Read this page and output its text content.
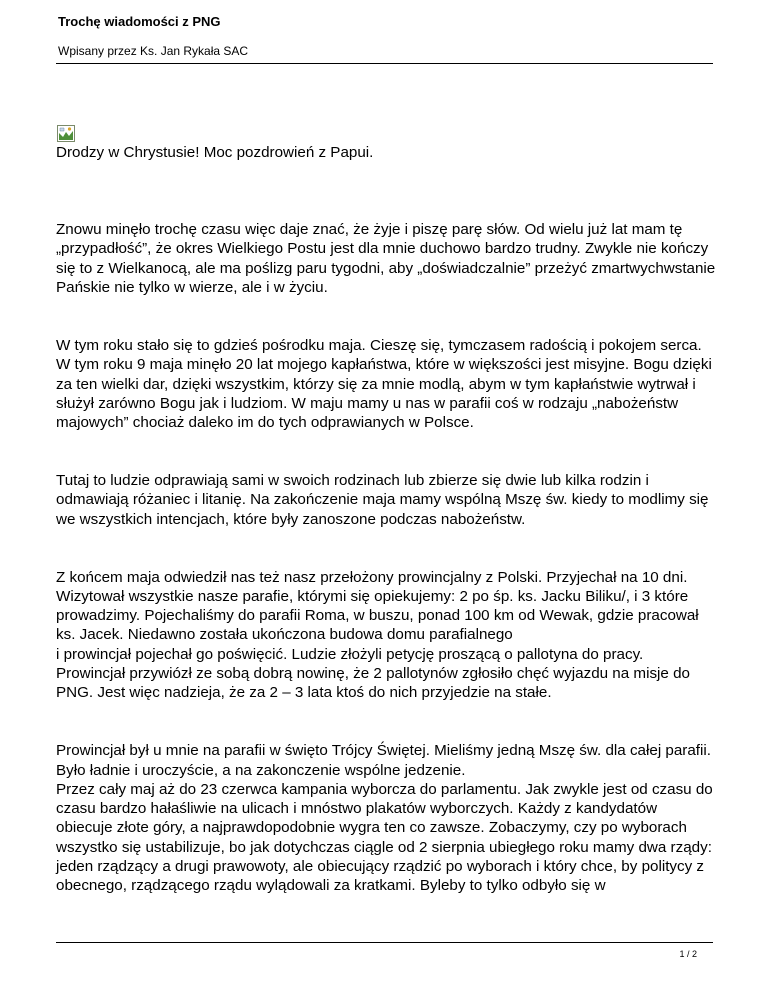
Trochę wiadomości z PNG
Wpisany przez Ks. Jan Rykała SAC

Drodzy w Chrystusie! Moc pozdrowień z Papui.

Znowu minęło trochę czasu więc daje znać, że żyje i piszę parę słów. Od wielu już lat mam tę „przypadłość”, że okres Wielkiego Postu jest dla mnie duchowo bardzo trudny. Zwykle nie kończy się to z Wielkanocą, ale ma poślizg paru tygodni, aby „doświadczalnie” przeżyć zmartwychwstanie Pańskie nie tylko w wierze, ale i w życiu.

W tym roku stało się to gdzieś pośrodku maja. Cieszę się, tymczasem radością i pokojem serca. W tym roku 9 maja minęło 20 lat mojego kapłaństwa, które w większości jest misyjne. Bogu dzięki za ten wielki dar, dzięki wszystkim, którzy się za mnie modlą, abym w tym kapłaństwie wytrwał i służył zarówno Bogu jak i ludziom. W maju mamy u nas w parafii coś w rodzaju „nabożeństw majowych” chociaż daleko im do tych odprawianych w Polsce.

Tutaj to ludzie odprawiają sami w swoich rodzinach lub zbierze się dwie lub kilka rodzin i odmawiają różaniec i litanię. Na zakończenie maja mamy wspólną Mszę św. kiedy to modlimy się we wszystkich intencjach, które były zanoszone podczas nabożeństw.

Z końcem maja odwiedził nas też nasz przełożony prowincjalny z Polski. Przyjechał na 10 dni. Wizytował wszystkie nasze parafie, którymi się opiekujemy: 2 po śp. ks. Jacku Biliku/, i 3 które prowadzimy. Pojechaliśmy do parafii Roma, w buszu, ponad 100 km od Wewak, gdzie pracował ks. Jacek. Niedawno została ukończona budowa domu parafialnego
i prowincjał pojechał go poświęcić. Ludzie złożyli petycję proszącą o pallotyna do pracy. Prowincjał przywiózł ze sobą dobrą nowinę, że 2 pallotynów zgłosiło chęć wyjazdu na misje do PNG. Jest więc nadzieja, że za 2 – 3 lata ktoś do nich przyjedzie na stałe.

Prowincjał był u mnie na parafii w święto Trójcy Świętej. Mieliśmy jedną Mszę św. dla całej parafii. Było ładnie i uroczyście, a na zakonczenie wspólne jedzenie.
Przez cały maj aż do 23 czerwca kampania wyborcza do parlamentu. Jak zwykle jest od czasu do czasu bardzo hałaśliwie na ulicach i mnóstwo plakatów wyborczych. Każdy z kandydatów obiecuje złote góry, a najprawdopodobnie wygra ten co zawsze. Zobaczymy, czy po wyborach wszystko się ustabilizuje, bo jak dotychczas ciągle od 2 sierpnia ubiegłego roku mamy dwa rządy: jeden rządzący a drugi prawowoty, ale obiecujący rządzić po wyborach i który chce, by politycy z obecnego, rządzącego rządu wylądowali za kratkami. Byleby to tylko odbyło się w

1 / 2
